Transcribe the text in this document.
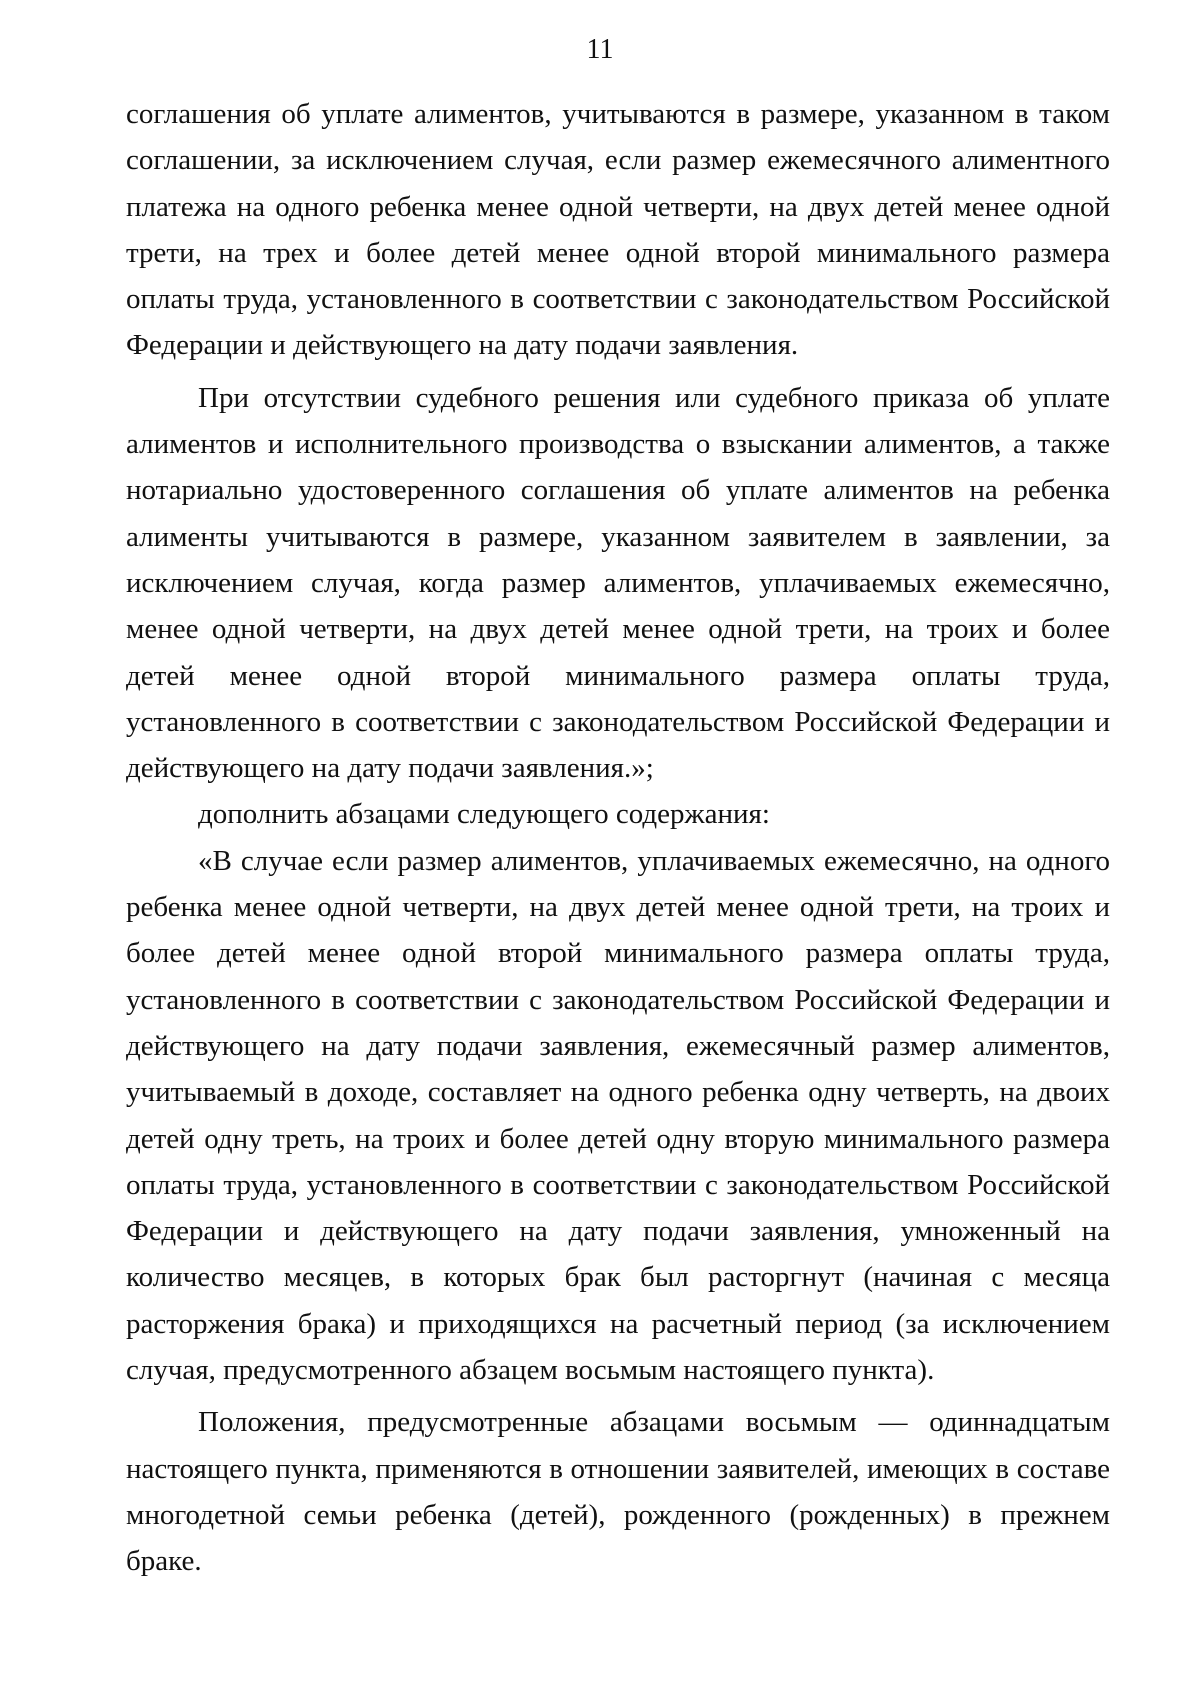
11

соглашения об уплате алиментов, учитываются в размере, указанном в таком соглашении, за исключением случая, если размер ежемесячного алиментного платежа на одного ребенка менее одной четверти, на двух детей менее одной трети, на трех и более детей менее одной второй минимального размера оплаты труда, установленного в соответствии с законодательством Российской Федерации и действующего на дату подачи заявления.

При отсутствии судебного решения или судебного приказа об уплате алиментов и исполнительного производства о взыскании алиментов, а также нотариально удостоверенного соглашения об уплате алиментов на ребенка алименты учитываются в размере, указанном заявителем в заявлении, за исключением случая, когда размер алиментов, уплачиваемых ежемесячно, менее одной четверти, на двух детей менее одной трети, на троих и более детей менее одной второй минимального размера оплаты труда, установленного в соответствии с законодательством Российской Федерации и действующего на дату подачи заявления.»;

дополнить абзацами следующего содержания:

«В случае если размер алиментов, уплачиваемых ежемесячно, на одного ребенка менее одной четверти, на двух детей менее одной трети, на троих и более детей менее одной второй минимального размера оплаты труда, установленного в соответствии с законодательством Российской Федерации и действующего на дату подачи заявления, ежемесячный размер алиментов, учитываемый в доходе, составляет на одного ребенка одну четверть, на двоих детей одну треть, на троих и более детей одну вторую минимального размера оплаты труда, установленного в соответствии с законодательством Российской Федерации и действующего на дату подачи заявления, умноженный на количество месяцев, в которых брак был расторгнут (начиная с месяца расторжения брака) и приходящихся на расчетный период (за исключением случая, предусмотренного абзацем восьмым настоящего пункта).

Положения, предусмотренные абзацами восьмым — одиннадцатым настоящего пункта, применяются в отношении заявителей, имеющих в составе многодетной семьи ребенка (детей), рожденного (рожденных) в прежнем браке.
